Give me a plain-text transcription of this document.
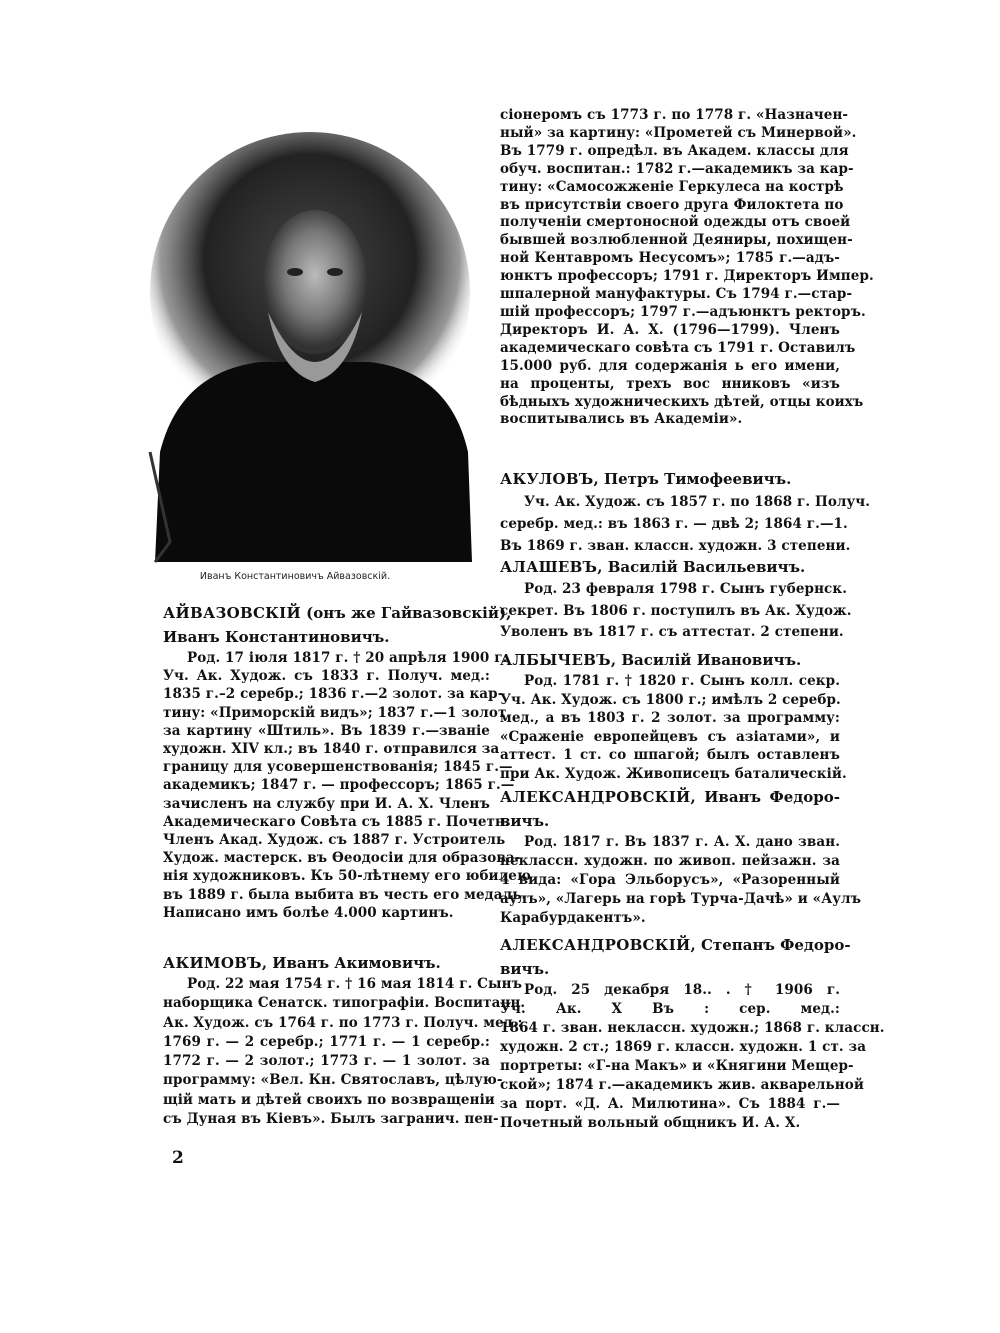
Иванъ Константиновичъ Айвазовскій.
АЙВАЗОВСКІЙ (онъ же Гайвазовскій),
Иванъ Константиновичъ.
Род. 17 іюля 1817 г. † 20 апрѣля 1900 г.
Уч. Ак. Худож. съ 1833 г. Получ. мед.:
1835 г.–2 серебр.; 1836 г.—2 золот. за кар-
тину: «Приморскій видъ»; 1837 г.—1 золот.
за картину «Штиль». Въ 1839 г.—званіе
художн. XIV кл.; въ 1840 г. отправился за
границу для усовершенствованія; 1845 г.—
академикъ; 1847 г. — профессоръ; 1865 г.—
зачисленъ на службу при И. А. Х. Членъ
Академическаго Совѣта съ 1885 г. Почетн.
Членъ Акад. Худож. съ 1887 г. Устроитель
Худож. мастерск. въ Ѳеодосіи для образова-
нія художниковъ. Къ 50-лѣтнему его юбилею
въ 1889 г. была выбита въ честь его медаль.
Написано имъ болѣе 4.000 картинъ.
АКИМОВЪ, Иванъ Акимовичъ.
Род. 22 мая 1754 г. † 16 мая 1814 г. Сынъ
наборщика Сенатск. типографіи. Воспитанн.
Ак. Худож. съ 1764 г. по 1773 г. Получ. мед.:
1769 г. — 2 серебр.; 1771 г. — 1 серебр.:
1772 г. — 2 золот.; 1773 г. — 1 золот. за
программу: «Вел. Кн. Святославъ, цѣлую-
щій мать и дѣтей своихъ по возвращеніи
съ Дуная въ Кіевъ». Былъ загранич. пен-
сіонеромъ съ 1773 г. по 1778 г. «Назначен-
ный» за картину: «Прометей съ Минервой».
Въ 1779 г. опредѣл. въ Академ. классы для
обуч. воспитан.: 1782 г.—академикъ за кар-
тину: «Самосожженіе Геркулеса на кострѣ
въ присутствіи своего друга Филоктета по
полученіи смертоносной одежды отъ своей
бывшей возлюбленной Деяниры, похищен-
ной Кентавромъ Несусомъ»; 1785 г.—адъ-
юнктъ профессоръ; 1791 г. Директоръ Импер.
шпалерной мануфактуры. Съ 1794 г.—стар-
шій профессоръ; 1797 г.—адъюнктъ ректоръ.
Директоръ И. А. Х. (1796—1799). Членъ
академическаго совѣта съ 1791 г. Оставилъ
15.000 руб. для содержанія ь его имени,
на проценты, трехъ вос нниковъ «изъ
бѣдныхъ художническихъ дѣтей, отцы коихъ
воспитывались въ Академіи».
АКУЛОВЪ, Петръ Тимофеевичъ.
Уч. Ак. Худож. съ 1857 г. по 1868 г. Получ.
серебр. мед.: въ 1863 г. — двѣ 2; 1864 г.—1.
Въ 1869 г. зван. классн. художн. 3 степени.
АЛАШЕВЪ, Василій Васильевичъ.
Род. 23 февраля 1798 г. Сынъ губернск.
секрет. Въ 1806 г. поступилъ въ Ак. Худож.
Уволенъ въ 1817 г. съ аттестат. 2 степени.
АЛБЫЧЕВЪ, Василій Ивановичъ.
Род. 1781 г. † 1820 г. Сынъ колл. секр.
Уч. Ак. Худож. съ 1800 г.; имѣлъ 2 серебр.
мед., а въ 1803 г. 2 золот. за программу:
«Сраженіе европейцевъ съ азіатами», и
аттест. 1 ст. со шпагой; былъ оставленъ
при Ак. Худож. Живописецъ баталическій.
АЛЕКСАНДРОВСКІЙ, Иванъ Федоро-
вичъ.
Род. 1817 г. Въ 1837 г. А. Х. дано зван.
неклассн. художн. по живоп. пейзажн. за
4 вида: «Гора Эльборусъ», «Разоренный
аулъ», «Лагерь на горѣ Турча-Дачѣ» и «Аулъ
Карабурдакентъ».
АЛЕКСАНДРОВСКІЙ, Степанъ Федоро-
вичъ.
Род. 25 декабря 18.. . † 1906 г.
Уч. Ак. Х Въ : сер. мед.:
1864 г. зван. неклассн. художн.; 1868 г. классн.
художн. 2 ст.; 1869 г. классн. художн. 1 ст. за
портреты: «Г-на Макъ» и «Княгини Мещер-
ской»; 1874 г.—академикъ жив. акварельной
за порт. «Д. А. Милютина». Съ 1884 г.—
Почетный вольный общникъ И. А. Х.
2
